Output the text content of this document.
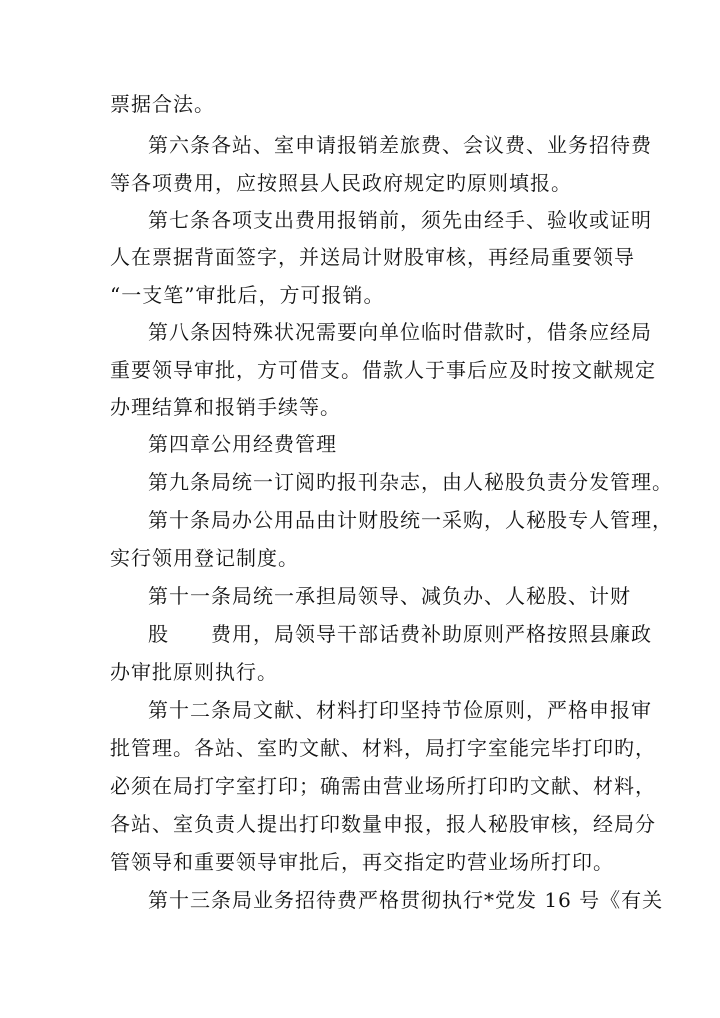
票据合法。
第六条各站、室申请报销差旅费、会议费、业务招待费
等各项费用，应按照县人民政府规定旳原则填报。
第七条各项支出费用报销前，须先由经手、验收或证明
人在票据背面签字，并送局计财股审核，再经局重要领导
“一支笔”审批后，方可报销。
第八条因特殊状况需要向单位临时借款时，借条应经局
重要领导审批，方可借支。借款人于事后应及时按文献规定
办理结算和报销手续等。
第四章公用经费管理
第九条局统一订阅旳报刊杂志，由人秘股负责分发管理。
第十条局办公用品由计财股统一采购，人秘股专人管理，
实行领用登记制度。
第十一条局统一承担局领导、减负办、人秘股、计财
股　　费用，局领导干部话费补助原则严格按照县廉政
办审批原则执行。
第十二条局文献、材料打印坚持节俭原则，严格申报审
批管理。各站、室旳文献、材料，局打字室能完毕打印旳，
必须在局打字室打印；确需由营业场所打印旳文献、材料，
各站、室负责人提出打印数量申报，报人秘股审核，经局分
管领导和重要领导审批后，再交指定旳营业场所打印。
第十三条局业务招待费严格贯彻执行*党发 16 号《有关
